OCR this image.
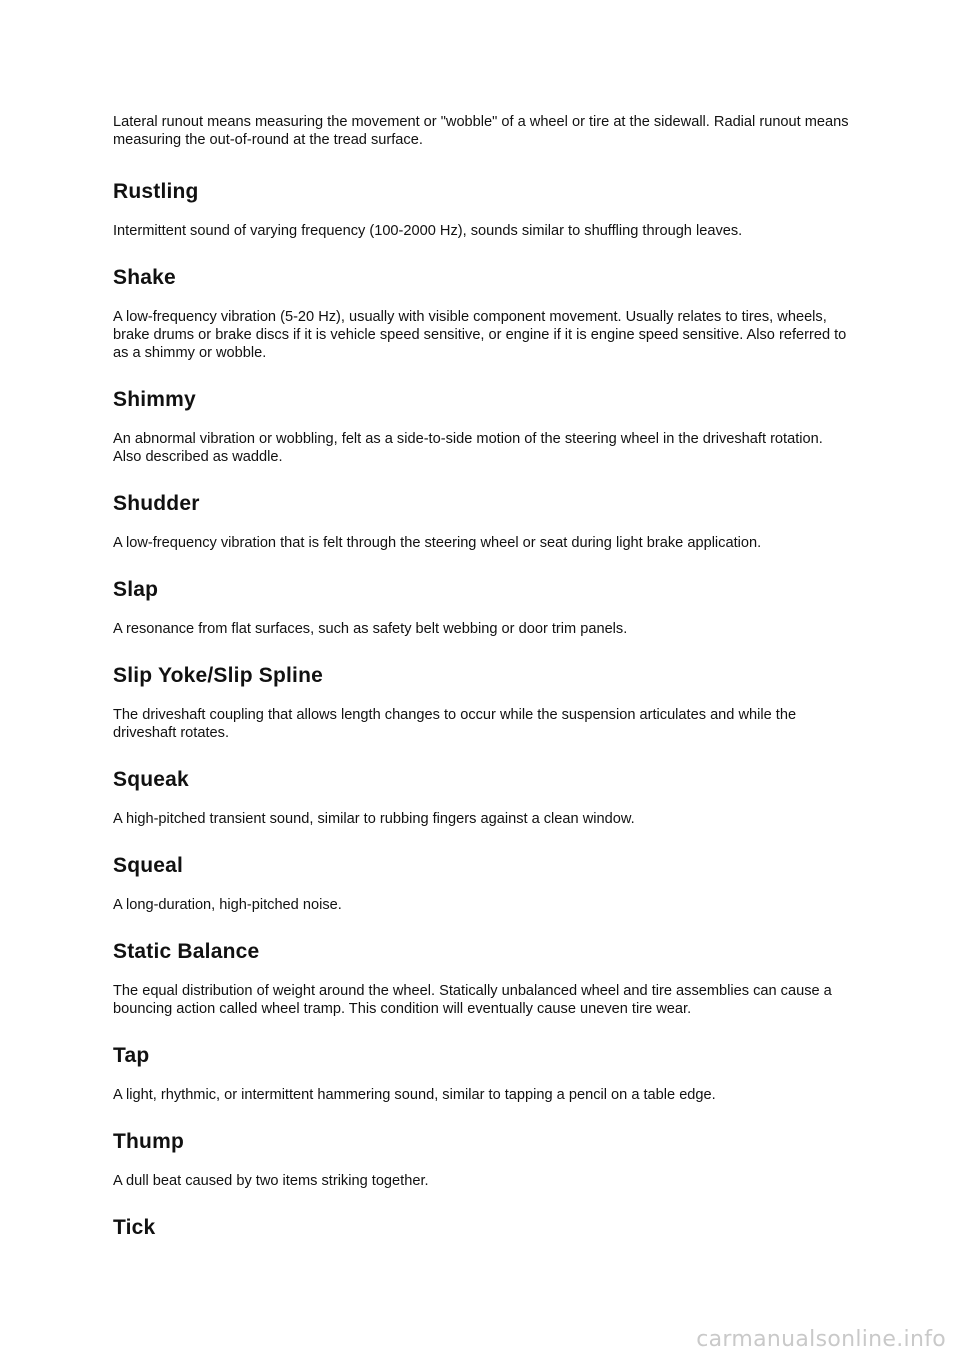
Lateral runout means measuring the movement or "wobble" of a wheel or tire at the sidewall. Radial runout means measuring the out-of-round at the tread surface.

Rustling

Intermittent sound of varying frequency (100-2000 Hz), sounds similar to shuffling through leaves.

Shake

A low-frequency vibration (5-20 Hz), usually with visible component movement. Usually relates to tires, wheels, brake drums or brake discs if it is vehicle speed sensitive, or engine if it is engine speed sensitive. Also referred to as a shimmy or wobble.

Shimmy

An abnormal vibration or wobbling, felt as a side-to-side motion of the steering wheel in the driveshaft rotation. Also described as waddle.

Shudder

A low-frequency vibration that is felt through the steering wheel or seat during light brake application.

Slap

A resonance from flat surfaces, such as safety belt webbing or door trim panels.

Slip Yoke/Slip Spline

The driveshaft coupling that allows length changes to occur while the suspension articulates and while the driveshaft rotates.

Squeak

A high-pitched transient sound, similar to rubbing fingers against a clean window.

Squeal

A long-duration, high-pitched noise.

Static Balance

The equal distribution of weight around the wheel. Statically unbalanced wheel and tire assemblies can cause a bouncing action called wheel tramp. This condition will eventually cause uneven tire wear.

Tap

A light, rhythmic, or intermittent hammering sound, similar to tapping a pencil on a table edge.

Thump

A dull beat caused by two items striking together.

Tick
carmanualsonline.info
